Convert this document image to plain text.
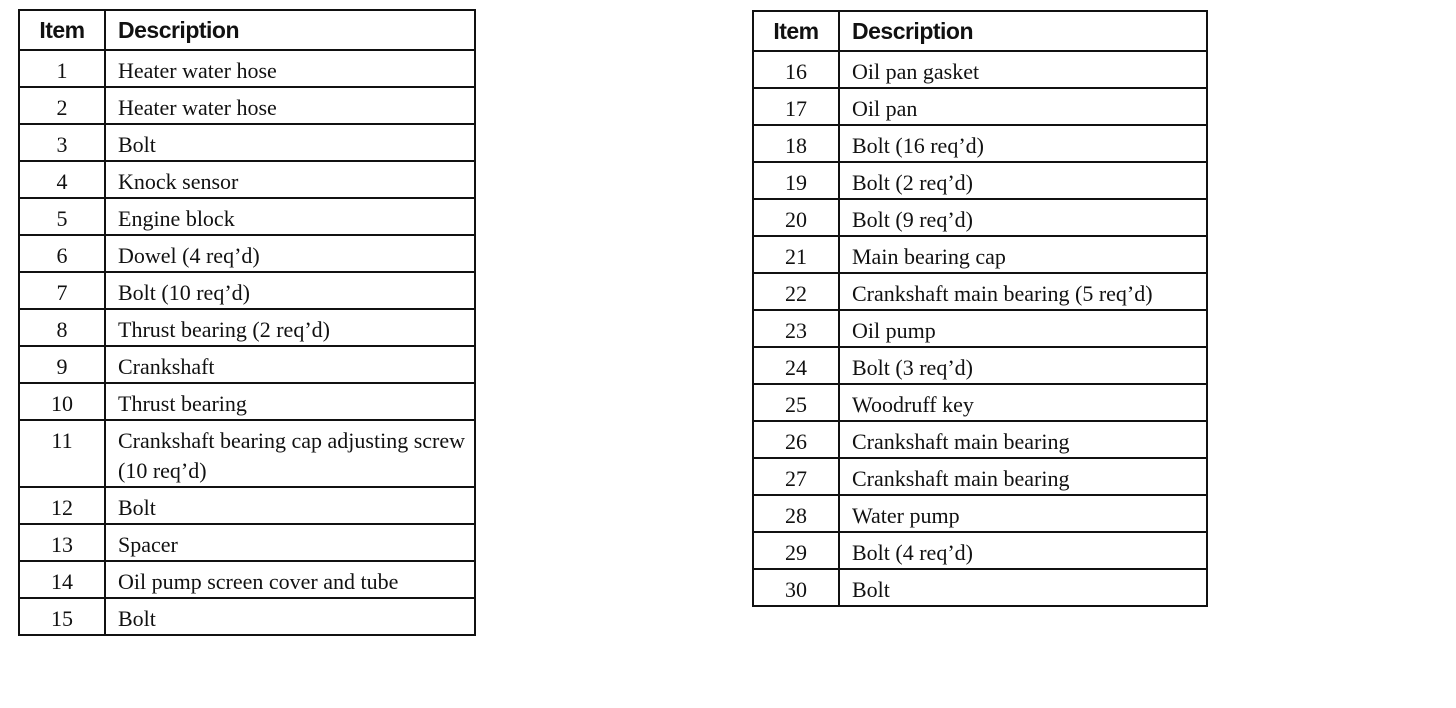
Item	Description
1	Heater water hose
2	Heater water hose
3	Bolt
4	Knock sensor
5	Engine block
6	Dowel (4 req’d)
7	Bolt (10 req’d)
8	Thrust bearing (2 req’d)
9	Crankshaft
10	Thrust bearing
11	Crankshaft bearing cap adjusting screw (10 req’d)
12	Bolt
13	Spacer
14	Oil pump screen cover and tube
15	Bolt
Item	Description
16	Oil pan gasket
17	Oil pan
18	Bolt (16 req’d)
19	Bolt (2 req’d)
20	Bolt (9 req’d)
21	Main bearing cap
22	Crankshaft main bearing (5 req’d)
23	Oil pump
24	Bolt (3 req’d)
25	Woodruff key
26	Crankshaft main bearing
27	Crankshaft main bearing
28	Water pump
29	Bolt (4 req’d)
30	Bolt
